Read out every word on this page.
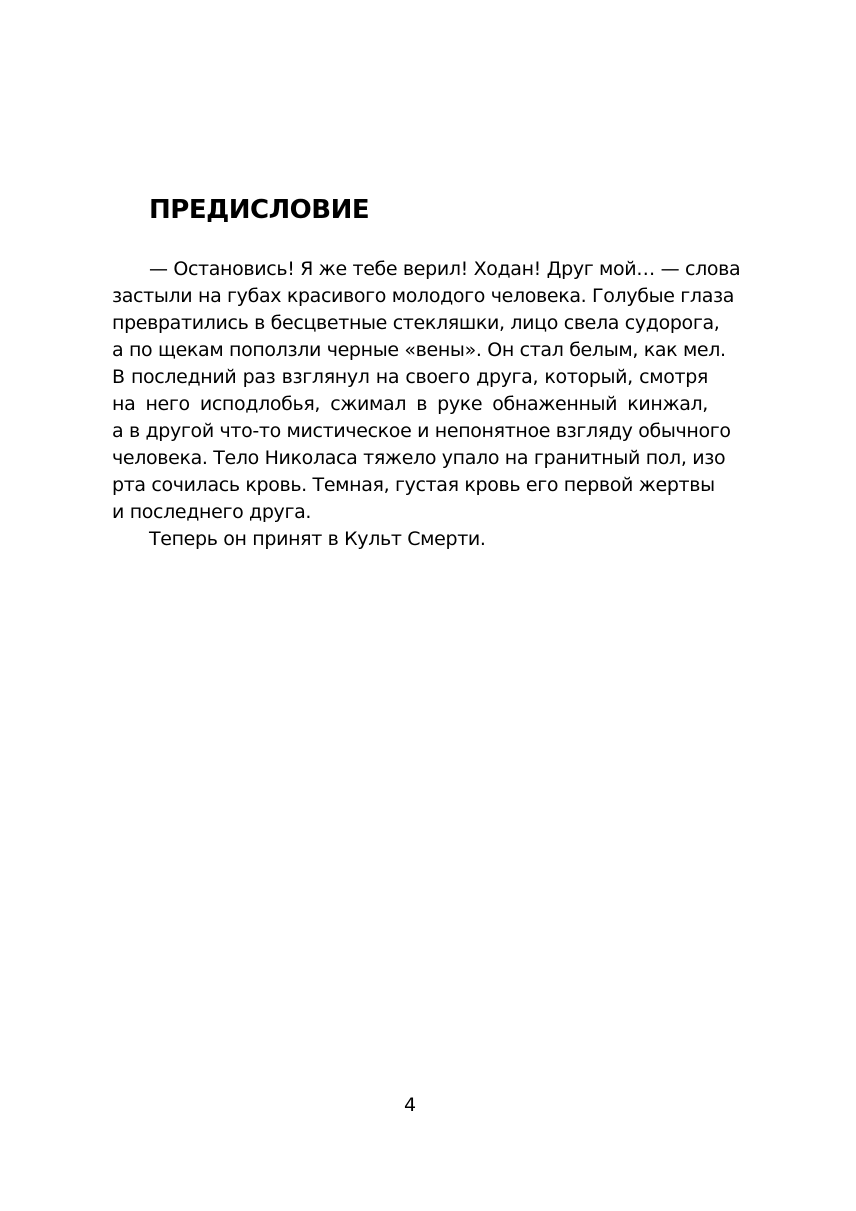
ПРЕДИСЛОВИЕ
— Остановись! Я же тебе верил! Ходан! Друг мой… — слова
застыли на губах красивого молодого человека. Голубые глаза
превратились в бесцветные стекляшки, лицо свела судорога,
а по щекам поползли черные «вены». Он стал белым, как мел.
В последний раз взглянул на своего друга, который, смотря
на него исподлобья, сжимал в руке обнаженный кинжал,
а в другой что-то мистическое и непонятное взгляду обычного
человека. Тело Николаса тяжело упало на гранитный пол, изо
рта сочилась кровь. Темная, густая кровь его первой жертвы
и последнего друга.
Теперь он принят в Культ Смерти.
4
